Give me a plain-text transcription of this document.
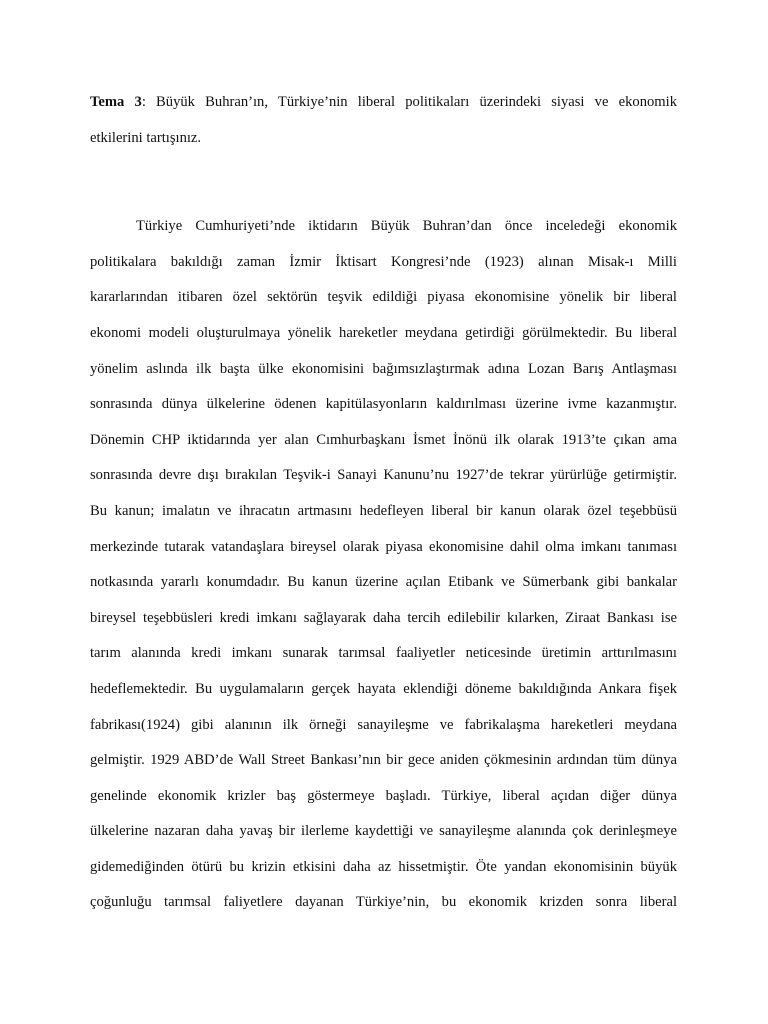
Tema 3: Büyük Buhran’ın, Türkiye’nin liberal politikaları üzerindeki siyasi ve ekonomik
etkilerini tartışınız.
Türkiye Cumhuriyeti’nde iktidarın Büyük Buhran’dan önce inceledeği ekonomik
politikalara bakıldığı zaman İzmir İktisart Kongresi’nde (1923) alınan Misak-ı Milli
kararlarından itibaren özel sektörün teşvik edildiği piyasa ekonomisine yönelik bir liberal
ekonomi modeli oluşturulmaya yönelik hareketler meydana getirdiği görülmektedir. Bu liberal
yönelim aslında ilk başta ülke ekonomisini bağımsızlaştırmak adına Lozan Barış Antlaşması
sonrasında dünya ülkelerine ödenen kapitülasyonların kaldırılması üzerine ivme kazanmıştır.
Dönemin CHP iktidarında yer alan Cımhurbaşkanı İsmet İnönü ilk olarak 1913’te çıkan ama
sonrasında devre dışı bırakılan Teşvik-i Sanayi Kanunu’nu 1927’de tekrar yürürlüğe getirmiştir.
Bu kanun; imalatın ve ihracatın artmasını hedefleyen liberal bir kanun olarak özel teşebbüsü
merkezinde tutarak vatandaşlara bireysel olarak piyasa ekonomisine dahil olma imkanı tanıması
notkasında yararlı konumdadır. Bu kanun üzerine açılan Etibank ve Sümerbank gibi bankalar
bireysel teşebbüsleri kredi imkanı sağlayarak daha tercih edilebilir kılarken, Ziraat Bankası ise
tarım alanında kredi imkanı sunarak tarımsal faaliyetler neticesinde üretimin arttırılmasını
hedeflemektedir. Bu uygulamaların gerçek hayata eklendiği döneme bakıldığında Ankara fişek
fabrikası(1924) gibi alanının ilk örneği sanayileşme ve fabrikalaşma hareketleri meydana
gelmiştir. 1929 ABD’de Wall Street Bankası’nın bir gece aniden çökmesinin ardından tüm dünya
genelinde ekonomik krizler baş göstermeye başladı. Türkiye, liberal açıdan diğer dünya
ülkelerine nazaran daha yavaş bir ilerleme kaydettiği ve sanayileşme alanında çok derinleşmeye
gidemediğinden ötürü bu krizin etkisini daha az hissetmiştir. Öte yandan ekonomisinin büyük
çoğunluğu tarımsal faliyetlere dayanan Türkiye’nin, bu ekonomik krizden sonra liberal
